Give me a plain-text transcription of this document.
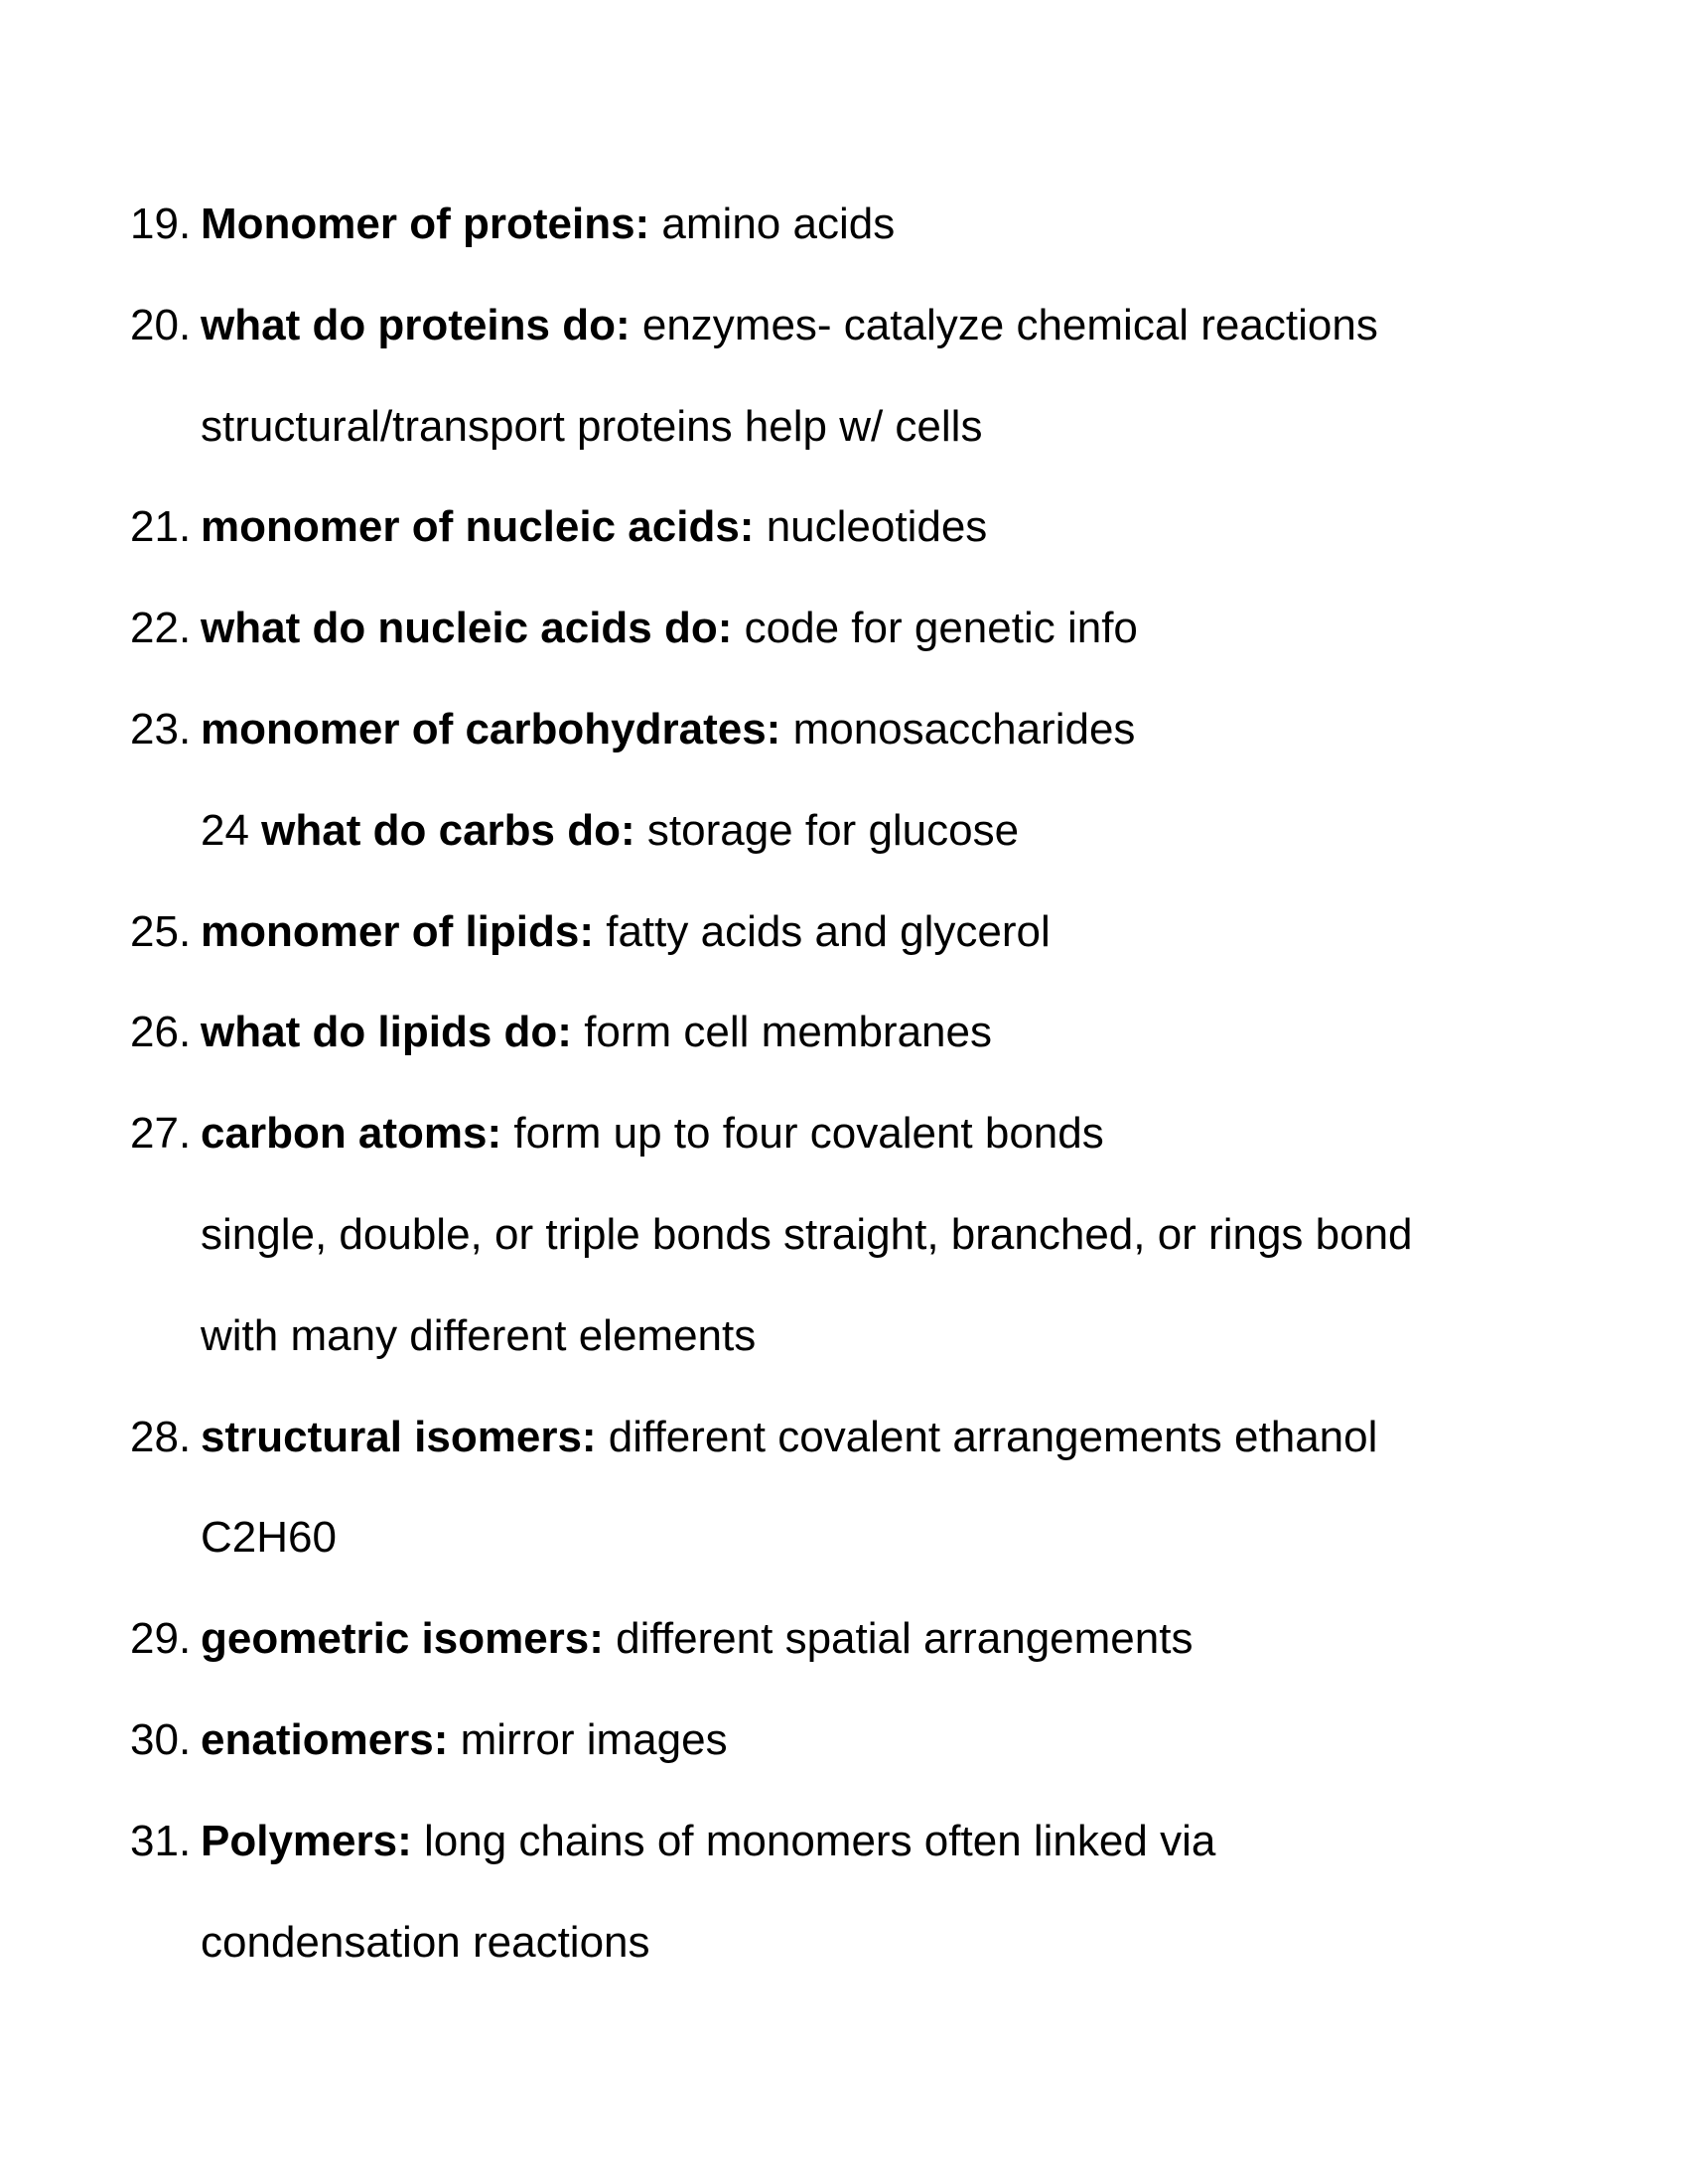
19. Monomer of proteins: amino acids
20. what do proteins do: enzymes- catalyze chemical reactions
structural/transport proteins help w/ cells
21. monomer of nucleic acids: nucleotides
22. what do nucleic acids do: code for genetic info
23. monomer of carbohydrates: monosaccharides
24 what do carbs do: storage for glucose
25. monomer of lipids: fatty acids and glycerol
26. what do lipids do: form cell membranes
27. carbon atoms: form up to four covalent bonds
single, double, or triple bonds straight, branched, or rings bond
with many different elements
28. structural isomers: different covalent arrangements ethanol
C2H60
29. geometric isomers: different spatial arrangements
30. enatiomers: mirror images
31. Polymers: long chains of monomers often linked via
condensation reactions
